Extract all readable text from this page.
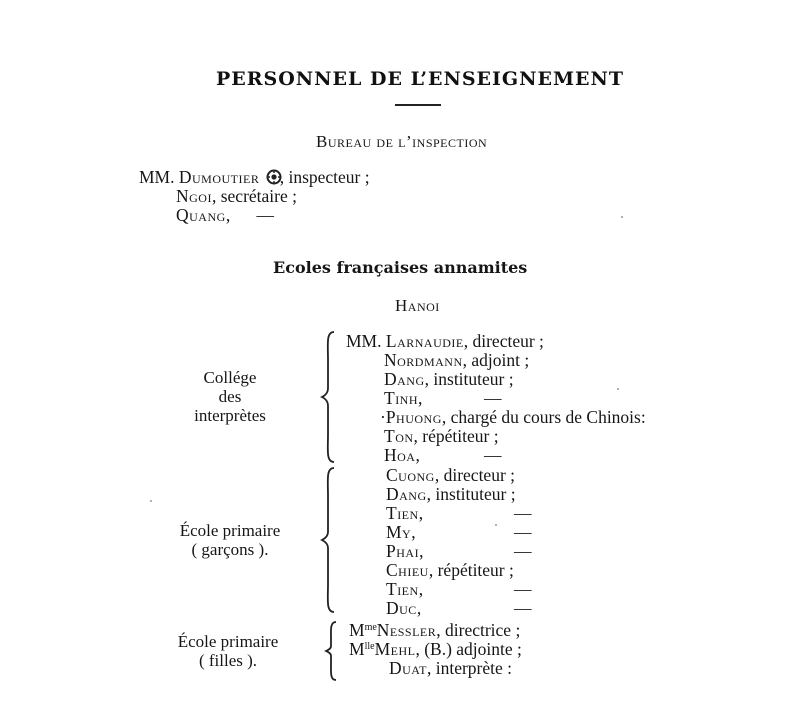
PERSONNEL DE L’ENSEIGNEMENT
Bureau de l’inspection
MM. Dumoutier , inspecteur ;
Ngoi, secrétaire ;
Quang,      —
Ecoles françaises annamites
Hanoi
Collége
des
interprètes
MM. Larnaudie, directeur ;
Nordmann, adjoint ;
Dang, instituteur ;
Tinh,	—
·Phuong, chargé du cours de Chinois:
Ton, répétiteur ;
Hoa,	—
École primaire
( garçons ).
Cuong, directeur ;
Dang, instituteur ;
Tien,	—
My,	—
Phai,	—
Chieu, répétiteur ;
Tien,	—
Duc,	—
École primaire
( filles ).
$M^{me}Nessler$, directrice ;
$M^{lle}Mehl$, (B.) adjointe ;
Duat, interprète :
